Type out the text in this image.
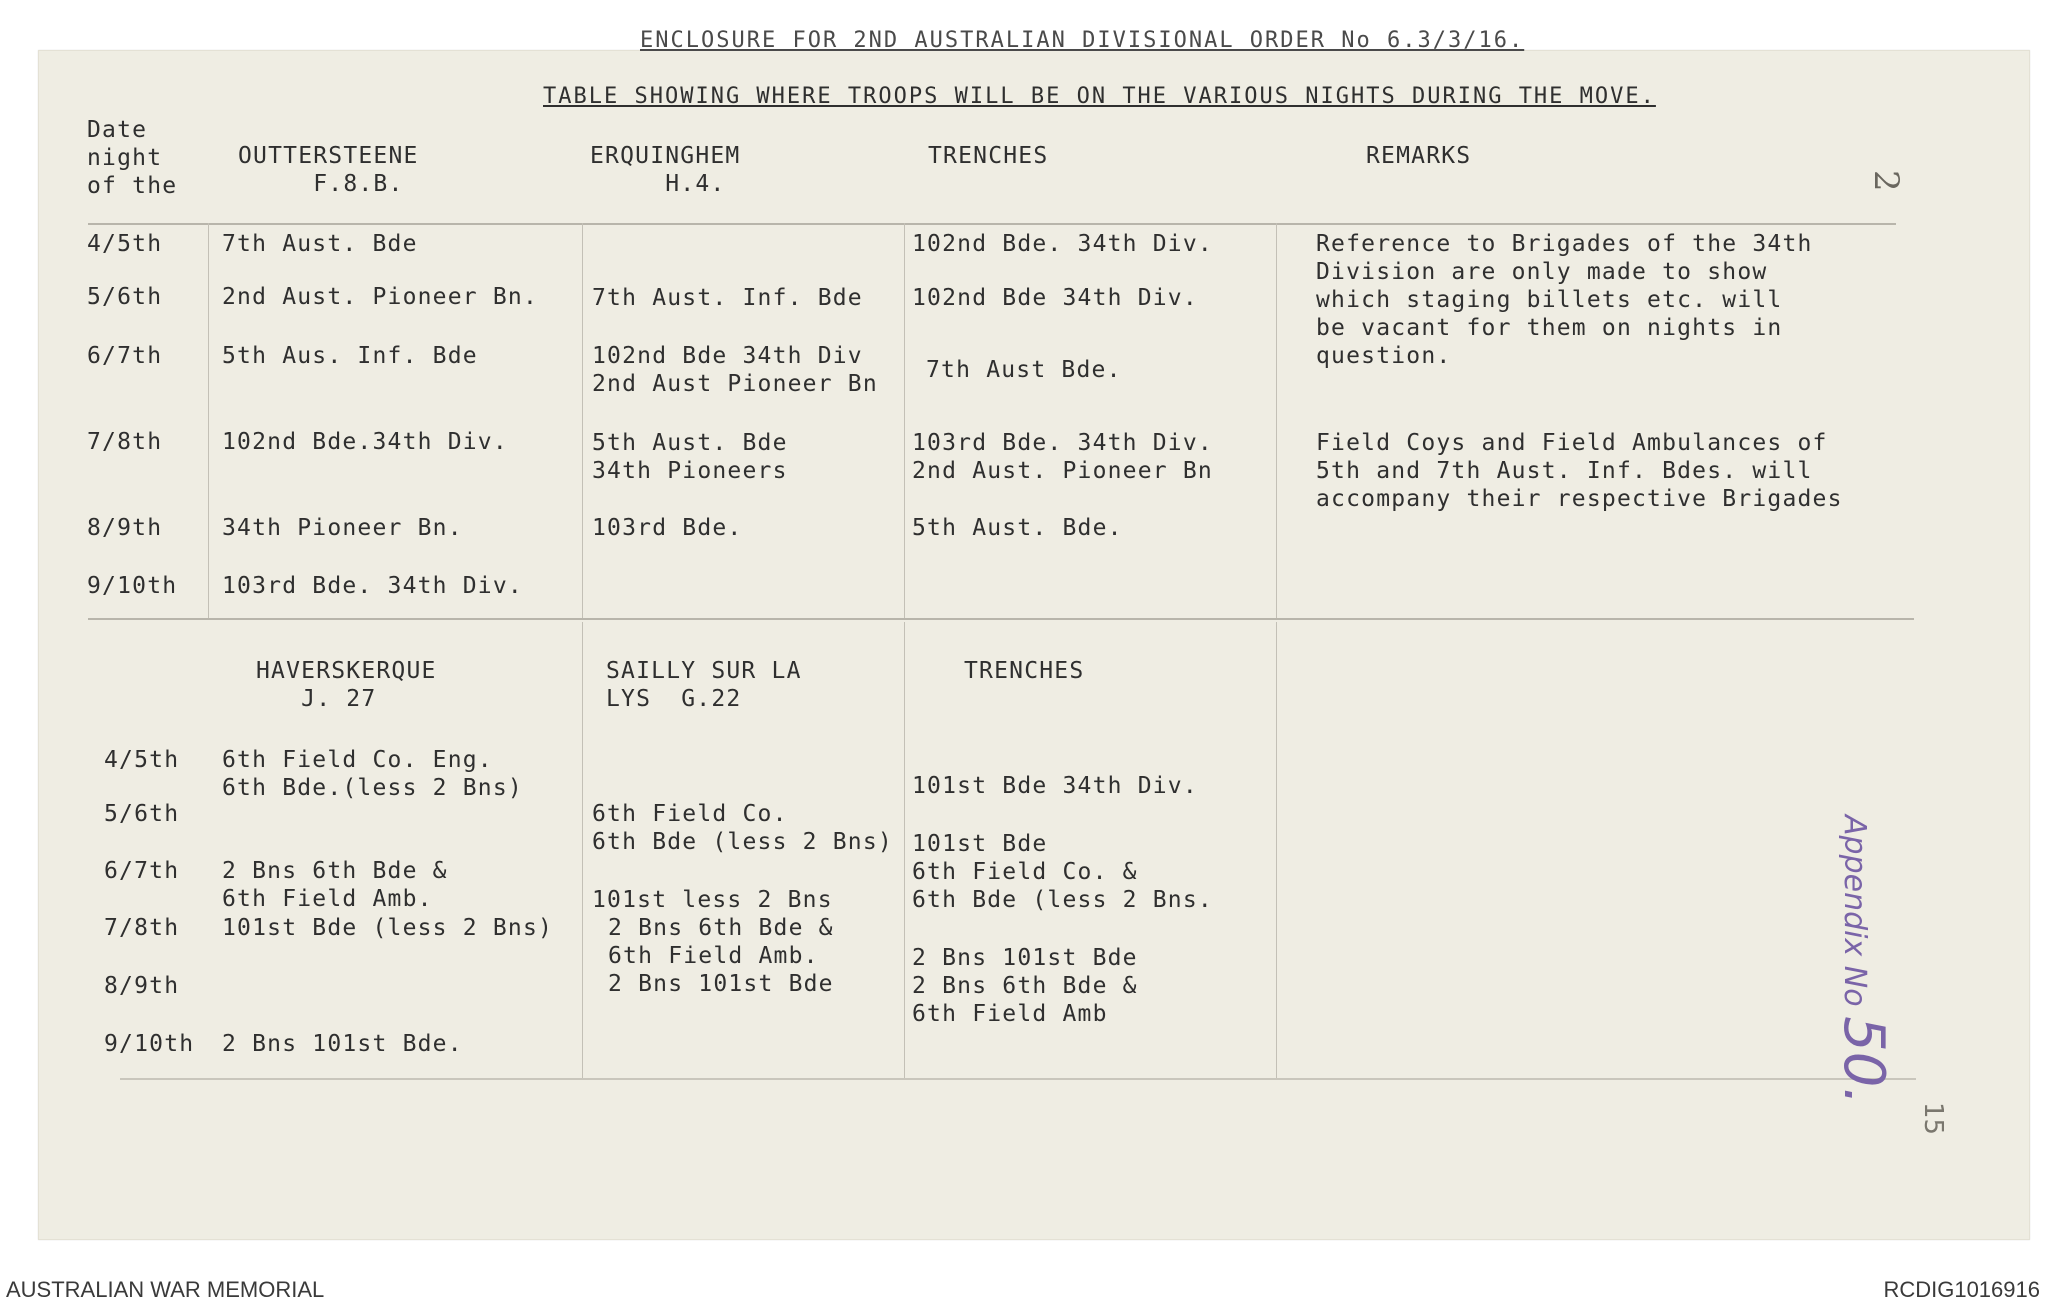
ENCLOSURE FOR 2ND AUSTRALIAN DIVISIONAL ORDER No 6.3/3/16.
TABLE SHOWING WHERE TROOPS WILL BE ON THE VARIOUS NIGHTS DURING THE MOVE.
2
Date
night
of the
OUTTERSTEENE
F.8.B.
ERQUINGHEM
H.4.
TRENCHES	REMARKS
4/5th
5/6th
6/7th
7/8th
8/9th
9/10th
7th Aust. Bde
2nd Aust. Pioneer Bn.
5th Aus. Inf. Bde
102nd Bde.34th Div.
34th Pioneer Bn.
103rd Bde. 34th Div.
7th Aust. Inf. Bde
102nd Bde 34th Div
2nd Aust Pioneer Bn
5th Aust. Bde
34th Pioneers
103rd Bde.
102nd Bde. 34th Div.
102nd Bde 34th Div.
7th Aust Bde.
103rd Bde. 34th Div.
2nd Aust. Pioneer Bn
5th Aust. Bde.
Reference to Brigades of the 34th
Division are only made to show
which staging billets etc. will
be vacant for them on nights in
question.
Field Coys and Field Ambulances of
5th and 7th Aust. Inf. Bdes. will
accompany their respective Brigades
HAVERSKERQUE
J. 27
SAILLY SUR LA
LYS  G.22
TRENCHES
4/5th
5/6th
6/7th
7/8th
8/9th
9/10th
6th Field Co. Eng.
6th Bde.(less 2 Bns)
2 Bns 6th Bde &
6th Field Amb.
101st Bde (less 2 Bns)
2 Bns 101st Bde.
6th Field Co.
6th Bde (less 2 Bns)
101st less 2 Bns
2 Bns 6th Bde &
6th Field Amb.
2 Bns 101st Bde
101st Bde 34th Div.
101st Bde
6th Field Co. &
6th Bde (less 2 Bns.
2 Bns 101st Bde
2 Bns 6th Bde &
6th Field Amb
Appendix No 50.
15
AUSTRALIAN WAR MEMORIAL	RCDIG1016916
